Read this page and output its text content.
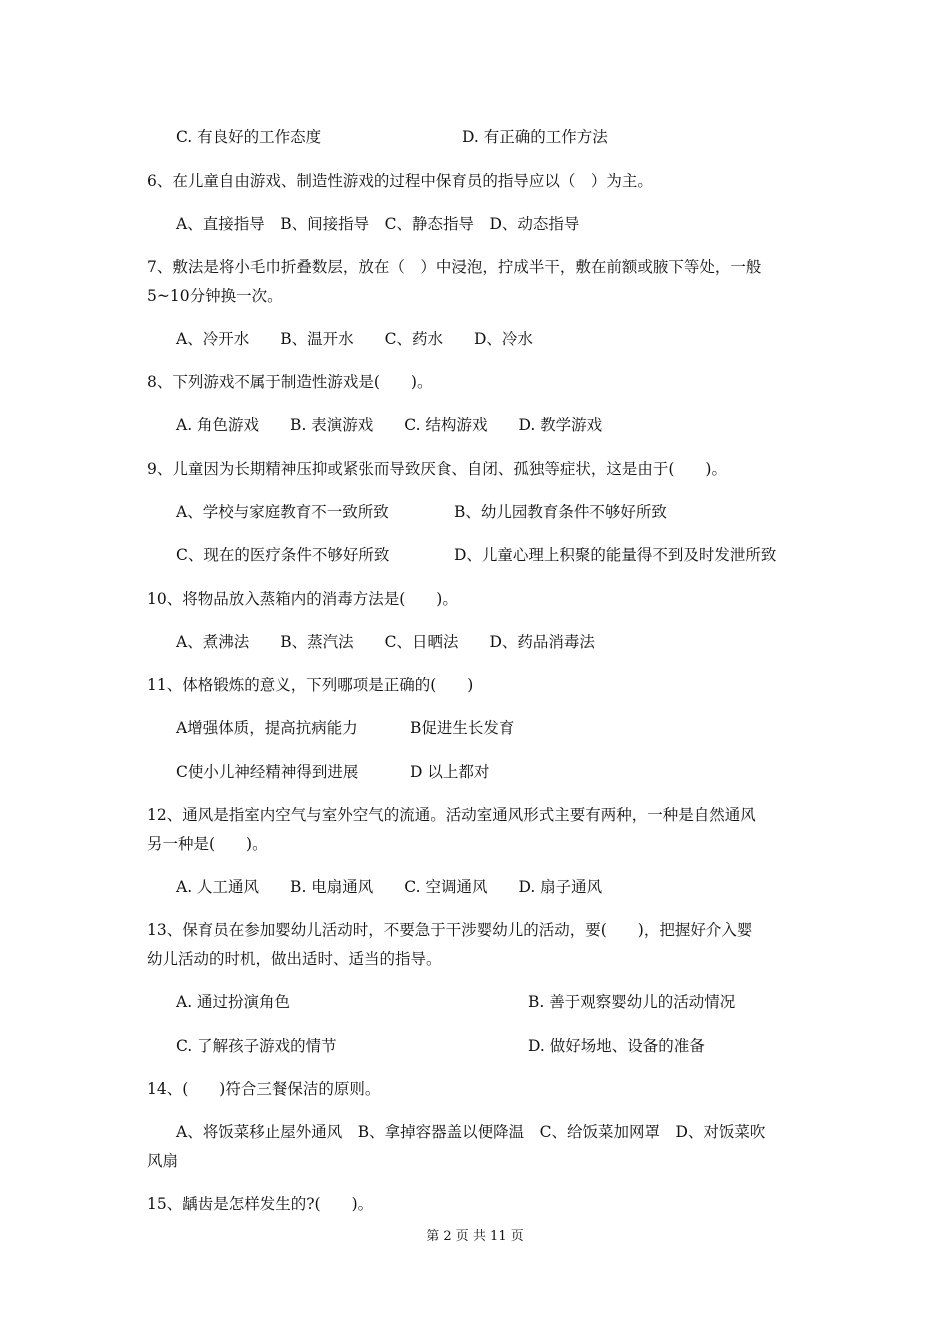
C. 有良好的工作态度	D. 有正确的工作方法
6、在儿童自由游戏、制造性游戏的过程中保育员的指导应以（　）为主。
A、直接指导　B、间接指导　C、静态指导　D、动态指导
7、敷法是将小毛巾折叠数层，放在（　）中浸泡，拧成半干，敷在前额或腋下等处，一般
5~10分钟换一次。
A、冷开水　　B、温开水　　C、药水　　D、冷水
8、下列游戏不属于制造性游戏是(　　)。
A. 角色游戏　　B. 表演游戏　　C. 结构游戏　　D. 教学游戏
9、儿童因为长期精神压抑或紧张而导致厌食、自闭、孤独等症状，这是由于(　　)。
A、学校与家庭教育不一致所致	B、幼儿园教育条件不够好所致
C、现在的医疗条件不够好所致	D、儿童心理上积聚的能量得不到及时发泄所致
10、将物品放入蒸箱内的消毒方法是(　　)。
A、煮沸法　　B、蒸汽法　　C、日晒法　　D、药品消毒法
11、体格锻炼的意义，下列哪项是正确的(　　)
A增强体质，提高抗病能力	B促进生长发育
C使小儿神经精神得到进展	D 以上都对
12、通风是指室内空气与室外空气的流通。活动室通风形式主要有两种，一种是自然通风
另一种是(　　)。
A. 人工通风　　B. 电扇通风　　C. 空调通风　　D. 扇子通风
13、保育员在参加婴幼儿活动时，不要急于干涉婴幼儿的活动，要(　　)，把握好介入婴
幼儿活动的时机，做出适时、适当的指导。
A. 通过扮演角色	B. 善于观察婴幼儿的活动情况
C. 了解孩子游戏的情节	D. 做好场地、设备的准备
14、(　　)符合三餐保洁的原则。
A、将饭菜移止屋外通风　B、拿掉容器盖以便降温　C、给饭菜加网罩　D、对饭菜吹
风扇
15、龋齿是怎样发生的?(　　)。
第 2 页 共 11 页
